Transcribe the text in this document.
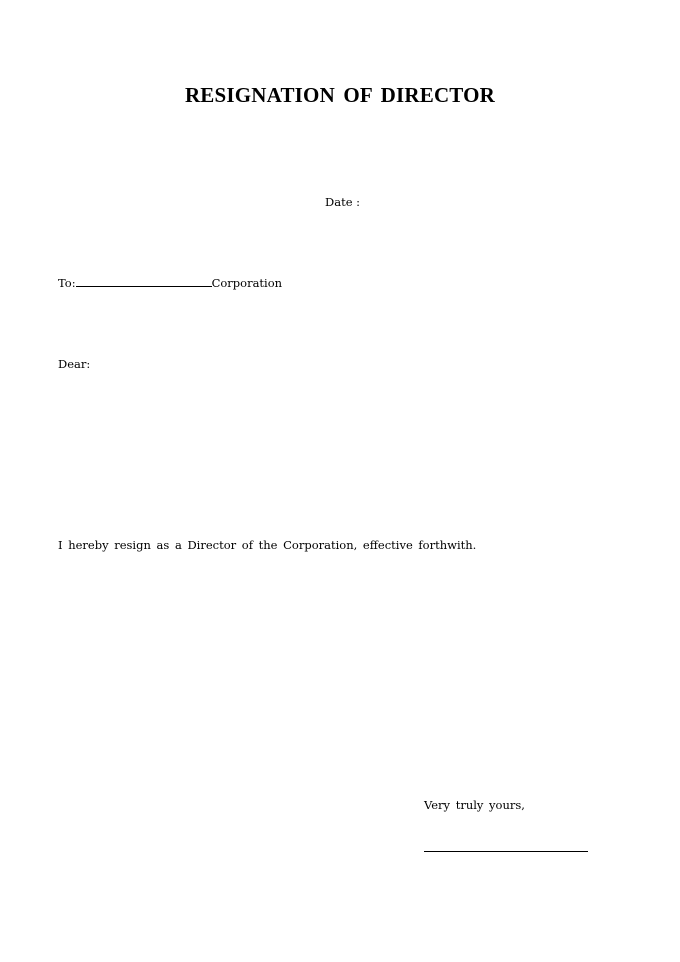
RESIGNATION OF DIRECTOR
Date :
To:	Corporation
Dear:
I hereby resign as a Director of the Corporation, effective forthwith.
Very truly yours,
